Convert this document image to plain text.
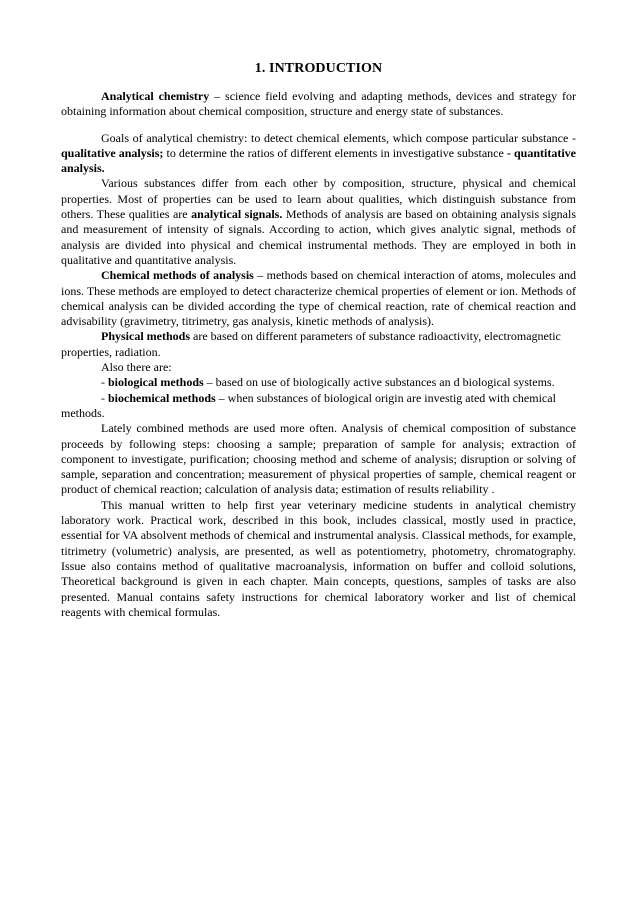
1. INTRODUCTION

Analytical chemistry – science field evolving and adapting methods, devices and strategy for obtaining information about chemical composition, structure and energy state of substances.

Goals of analytical chemistry: to detect chemical elements, which compose particular substance - qualitative analysis; to determine the ratios of different elements in investigative substance - quantitative analysis.

Various substances differ from each other by composition, structure, physical and chemical properties. Most of properties can be used to learn about qualities, which distinguish substance from others. These qualities are analytical signals. Methods of analysis are based on obtaining analysis signals and measurement of intensity of signals. According to action, which gives analytic signal, methods of analysis are divided into physical and chemical instrumental methods. They are employed in both in qualitative and quantitative analysis.

Chemical methods of analysis – methods based on chemical interaction of atoms, molecules and ions. These methods are employed to detect characterize chemical properties of element or ion. Methods of chemical analysis can be divided according the type of chemical reaction, rate of chemical reaction and advisability (gravimetry, titrimetry, gas analysis, kinetic methods of analysis).

Physical methods are based on different parameters of substance radioactivity, electromagnetic properties, radiation.

Also there are:

- biological methods – based on use of biologically active substances an d biological systems.

- biochemical methods – when substances of biological origin are investig ated with chemical methods.

Lately combined methods are used more often. Analysis of chemical composition of substance proceeds by following steps: choosing a sample; preparation of sample for analysis; extraction of component to investigate, purification; choosing method and scheme of analysis; disruption or solving of sample, separation and concentration; measurement of physical properties of sample, chemical reagent or product of chemical reaction; calculation of analysis data; estimation of results reliability .

This manual written to help first year veterinary medicine students in analytical chemistry laboratory work. Practical work, described in this book, includes classical, mostly used in practice, essential for VA absolvent methods of chemical and instrumental analysis. Classical methods, for example, titrimetry (volumetric) analysis, are presented, as well as potentiometry, photometry, chromatography. Issue also contains method of qualitative macroanalysis, information on buffer and colloid solutions, Theoretical background is given in each chapter. Main concepts, questions, samples of tasks are also presented. Manual contains safety instructions for chemical laboratory worker and list of chemical reagents with chemical formulas.
